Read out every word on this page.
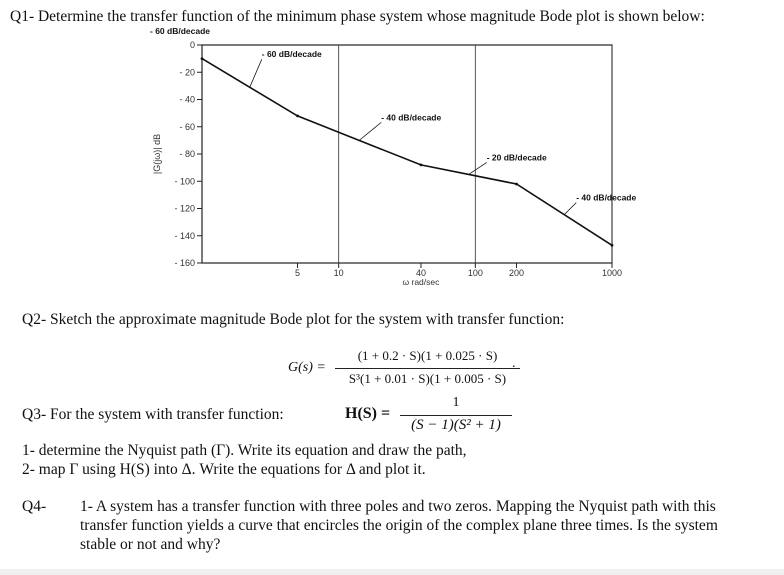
Q1- Determine the transfer function of the minimum phase system whose magnitude Bode plot is shown below:
0
- 20
- 40
- 60
- 80
- 100
- 120
- 140
- 160
5	10	40	100	200	1000
ω rad/sec
|G(jω)| dB
- 60 dB/decade
- 40 dB/decade
- 20 dB/decade
- 40 dB/decade
- 60 dB/decade
Q2- Sketch the approximate magnitude Bode plot for the system with transfer function:
G(s) =
(1 + 0.2 · S)(1 + 0.025 · S)
S³(1 + 0.01 · S)(1 + 0.005 · S)
.
Q3- For the system with transfer function:	H(S) =
1
(S − 1)(S² + 1)
1- determine the Nyquist path (Γ). Write its equation and draw the path,
2- map Γ using H(S) into Δ. Write the equations for Δ and plot it.
Q4- 1- A system has a transfer function with three poles and two zeros. Mapping the Nyquist path with this
transfer function yields a curve that encircles the origin of the complex plane three times. Is the system
stable or not and why?
